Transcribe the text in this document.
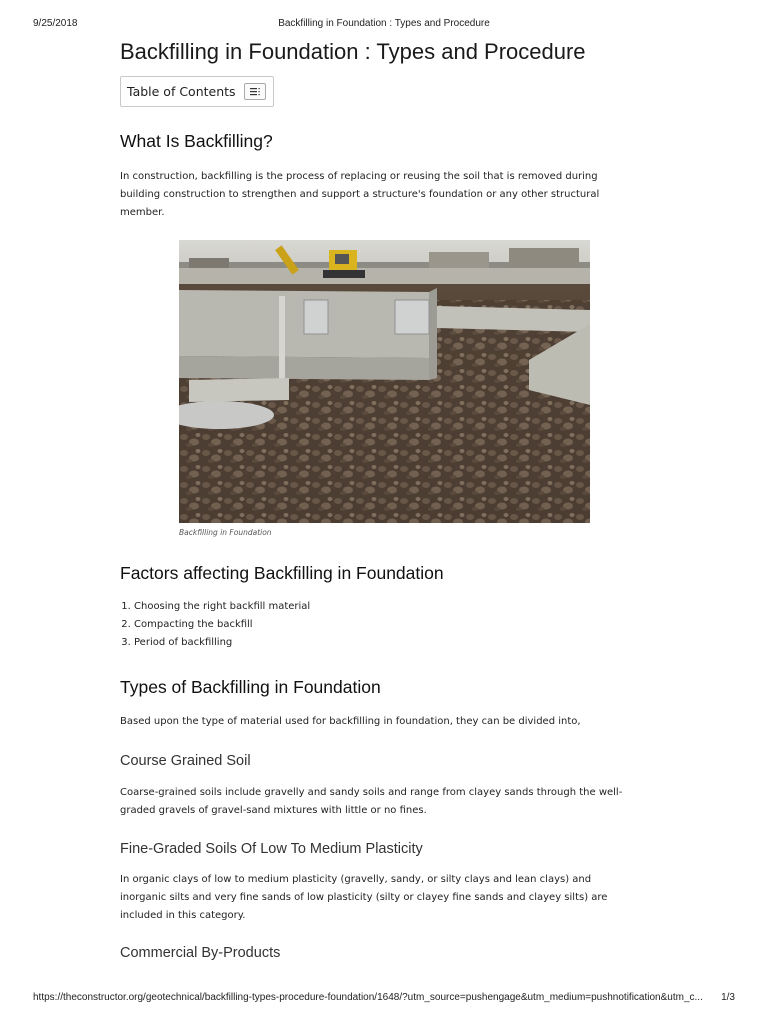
9/25/2018	Backfilling in Foundation : Types and Procedure
Backfilling in Foundation : Types and Procedure
Table of Contents
What Is Backfilling?

In construction, backfilling is the process of replacing or reusing the soil that is removed during building construction to strengthen and support a structure's foundation or any other structural member.

Backfilling in Foundation
Factors affecting Backfilling in Foundation
1. Choosing the right backfill material
2. Compacting the backfill
3. Period of backfilling
Types of Backfilling in Foundation

Based upon the type of material used for backfilling in foundation, they can be divided into,

Course Grained Soil

Coarse-grained soils include gravelly and sandy soils and range from clayey sands through the well-graded gravels of gravel-sand mixtures with little or no fines.

Fine-Graded Soils Of Low To Medium Plasticity

In organic clays of low to medium plasticity (gravelly, sandy, or silty clays and lean clays) and inorganic silts and very fine sands of low plasticity (silty or clayey fine sands and clayey silts) are included in this category.

Commercial By-Products
https://theconstructor.org/geotechnical/backfilling-types-procedure-foundation/1648/?utm_source=pushengage&utm_medium=pushnotification&utm_c...	1/3
